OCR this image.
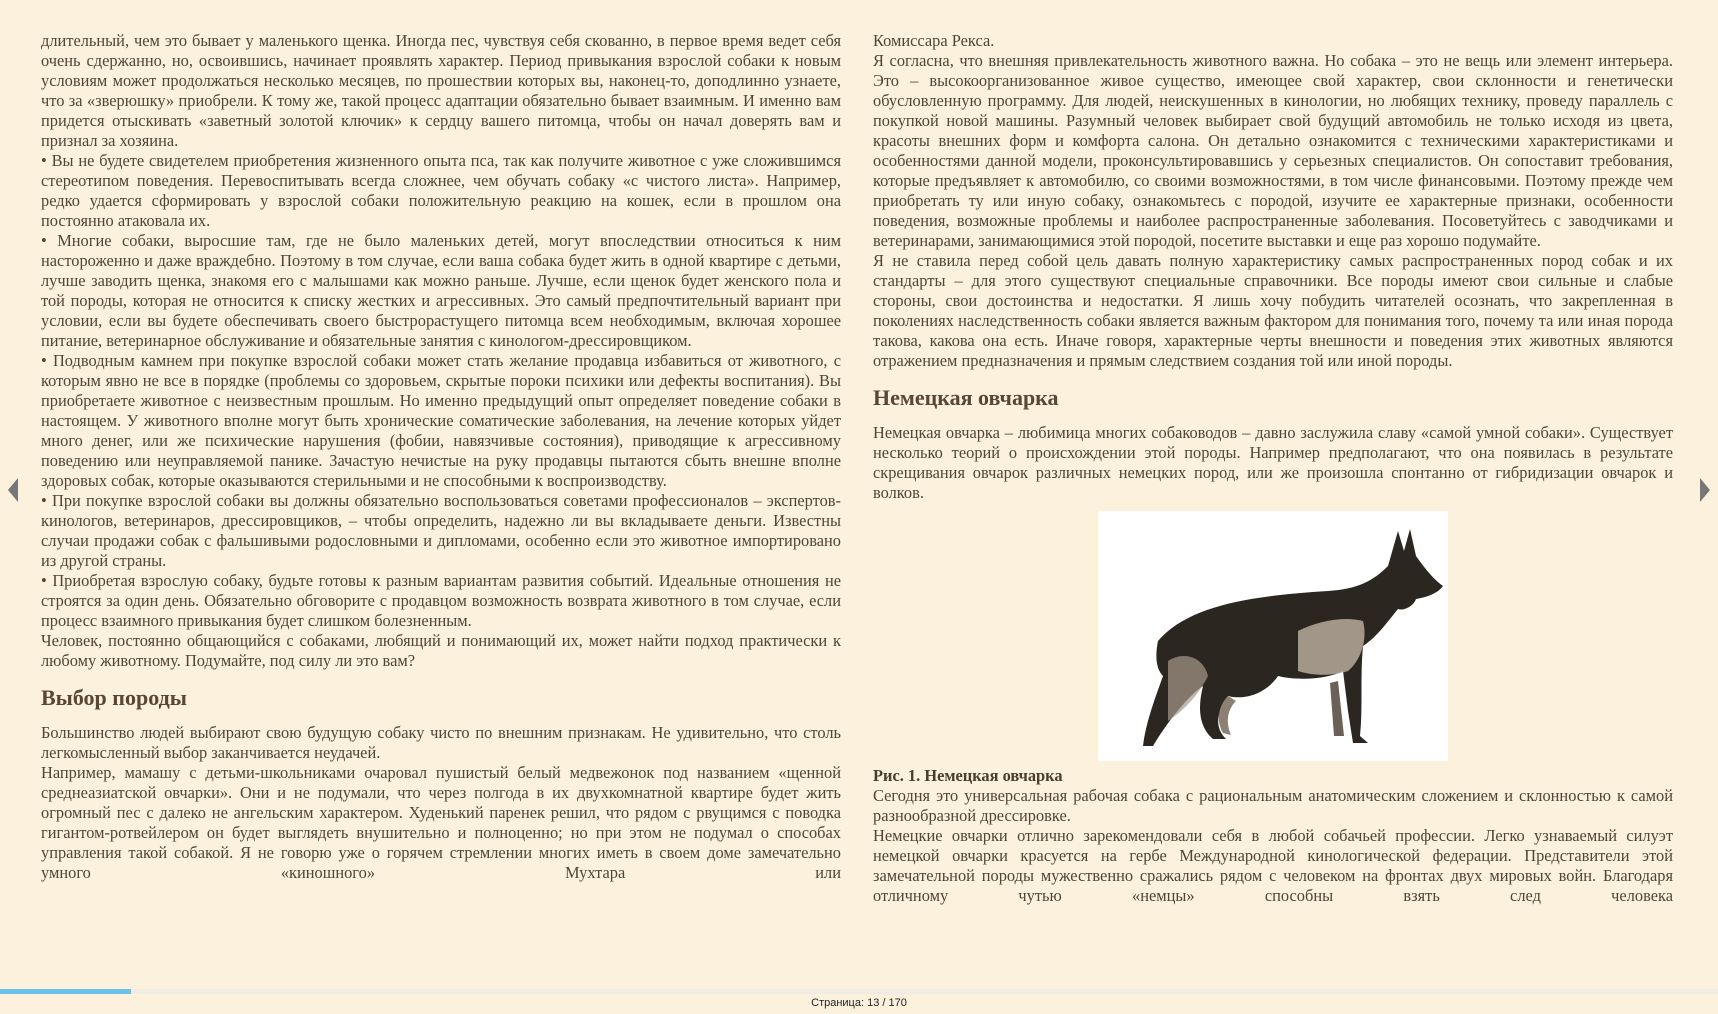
длительный, чем это бывает у маленького щенка. Иногда пес, чувствуя себя скованно, в первое время ведет себя очень сдержанно, но, освоившись, начинает проявлять характер. Период привыкания взрослой собаки к новым условиям может продолжаться несколько месяцев, по прошествии которых вы, наконец-то, доподлинно узнаете, что за «зверюшку» приобрели. К тому же, такой процесс адаптации обязательно бывает взаимным. И именно вам придется отыскивать «заветный золотой ключик» к сердцу вашего питомца, чтобы он начал доверять вам и признал за хозяина.

• Вы не будете свидетелем приобретения жизненного опыта пса, так как получите животное с уже сложившимся стереотипом поведения. Перевоспитывать всегда сложнее, чем обучать собаку «с чистого листа». Например, редко удается сформировать у взрослой собаки положительную реакцию на кошек, если в прошлом она постоянно атаковала их.

• Многие собаки, выросшие там, где не было маленьких детей, могут впоследствии относиться к ним настороженно и даже враждебно. Поэтому в том случае, если ваша собака будет жить в одной квартире с детьми, лучше заводить щенка, знакомя его с малышами как можно раньше. Лучше, если щенок будет женского пола и той породы, которая не относится к списку жестких и агрессивных. Это самый предпочтительный вариант при условии, если вы будете обеспечивать своего быстрорастущего питомца всем необходимым, включая хорошее питание, ветеринарное обслуживание и обязательные занятия с кинологом-дрессировщиком.

• Подводным камнем при покупке взрослой собаки может стать желание продавца избавиться от животного, с которым явно не все в порядке (проблемы со здоровьем, скрытые пороки психики или дефекты воспитания). Вы приобретаете животное с неизвестным прошлым. Но именно предыдущий опыт определяет поведение собаки в настоящем. У животного вполне могут быть хронические соматические заболевания, на лечение которых уйдет много денег, или же психические нарушения (фобии, навязчивые состояния), приводящие к агрессивному поведению или неуправляемой панике. Зачастую нечистые на руку продавцы пытаются сбыть внешне вполне здоровых собак, которые оказываются стерильными и не способными к воспроизводству.

• При покупке взрослой собаки вы должны обязательно воспользоваться советами профессионалов – экспертов-кинологов, ветеринаров, дрессировщиков, – чтобы определить, надежно ли вы вкладываете деньги. Известны случаи продажи собак с фальшивыми родословными и дипломами, особенно если это животное импортировано из другой страны.

• Приобретая взрослую собаку, будьте готовы к разным вариантам развития событий. Идеальные отношения не строятся за один день. Обязательно обговорите с продавцом возможность возврата животного в том случае, если процесс взаимного привыкания будет слишком болезненным.

Человек, постоянно общающийся с собаками, любящий и понимающий их, может найти подход практически к любому животному. Подумайте, под силу ли это вам?

Выбор породы

Большинство людей выбирают свою будущую собаку чисто по внешним признакам. Не удивительно, что столь легкомысленный выбор заканчивается неудачей.

Например, мамашу с детьми-школьниками очаровал пушистый белый медвежонок под названием «щенной среднеазиатской овчарки». Они и не подумали, что через полгода в их двухкомнатной квартире будет жить огромный пес с далеко не ангельским характером. Худенький паренек решил, что рядом с рвущимся с поводка гигантом-ротвейлером он будет выглядеть внушительно и полноценно; но при этом не подумал о способах управления такой собакой. Я не говорю уже о горячем стремлении многих иметь в своем доме замечательно умного «киношного» Мухтара или

Комиссара Рекса.

Я согласна, что внешняя привлекательность животного важна. Но собака – это не вещь или элемент интерьера. Это – высокоорганизованное живое существо, имеющее свой характер, свои склонности и генетически обусловленную программу. Для людей, неискушенных в кинологии, но любящих технику, проведу параллель с покупкой новой машины. Разумный человек выбирает свой будущий автомобиль не только исходя из цвета, красоты внешних форм и комфорта салона. Он детально ознакомится с техническими характеристиками и особенностями данной модели, проконсультировавшись у серьезных специалистов. Он сопоставит требования, которые предъявляет к автомобилю, со своими возможностями, в том числе финансовыми. Поэтому прежде чем приобретать ту или иную собаку, ознакомьтесь с породой, изучите ее характерные признаки, особенности поведения, возможные проблемы и наиболее распространенные заболевания. Посоветуйтесь с заводчиками и ветеринарами, занимающимися этой породой, посетите выставки и еще раз хорошо подумайте.

Я не ставила перед собой цель давать полную характеристику самых распространенных пород собак и их стандарты – для этого существуют специальные справочники. Все породы имеют свои сильные и слабые стороны, свои достоинства и недостатки. Я лишь хочу побудить читателей осознать, что закрепленная в поколениях наследственность собаки является важным фактором для понимания того, почему та или иная порода такова, какова она есть. Иначе говоря, характерные черты внешности и поведения этих животных являются отражением предназначения и прямым следствием создания той или иной породы.

Немецкая овчарка

Немецкая овчарка – любимица многих собаководов – давно заслужила славу «самой умной собаки». Существует несколько теорий о происхождении этой породы. Например предполагают, что она появилась в результате скрещивания овчарок различных немецких пород, или же произошла спонтанно от гибридизации овчарок и волков.

Рис. 1. Немецкая овчарка

Сегодня это универсальная рабочая собака с рациональным анатомическим сложением и склонностью к самой разнообразной дрессировке.

Немецкие овчарки отлично зарекомендовали себя в любой собачьей профессии. Легко узнаваемый силуэт немецкой овчарки красуется на гербе Международной кинологической федерации. Представители этой замечательной породы мужественно сражались рядом с человеком на фронтах двух мировых войн. Благодаря отличному чутью «немцы» способны взять след человека

Страница: 13 / 170
